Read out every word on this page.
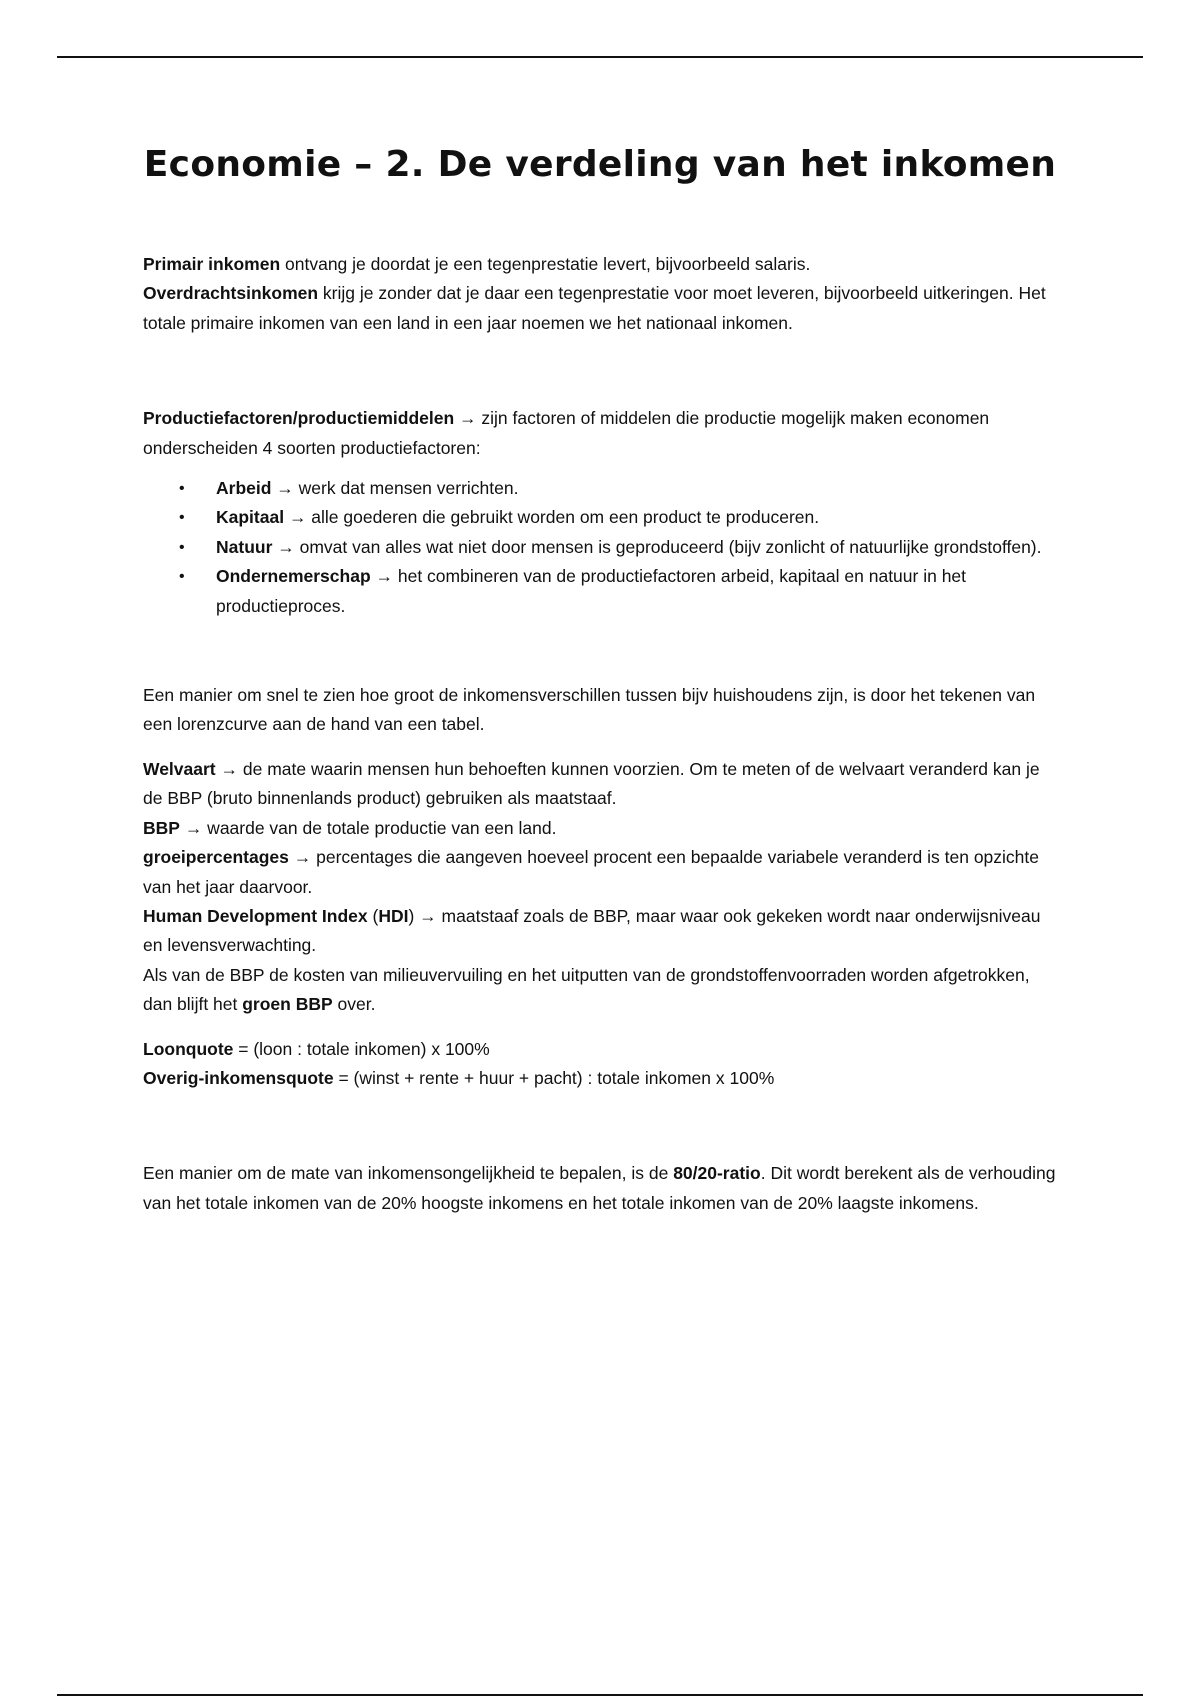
Economie – 2. De verdeling van het inkomen

Primair inkomen ontvang je doordat je een tegenprestatie levert, bijvoorbeeld salaris.
Overdrachtsinkomen krijg je zonder dat je daar een tegenprestatie voor moet leveren, bijvoorbeeld uitkeringen. Het totale primaire inkomen van een land in een jaar noemen we het nationaal inkomen.

Productiefactoren/productiemiddelen → zijn factoren of middelen die productie mogelijk maken economen onderscheiden 4 soorten productiefactoren:

• Arbeid → werk dat mensen verrichten.
• Kapitaal → alle goederen die gebruikt worden om een product te produceren.
• Natuur → omvat van alles wat niet door mensen is geproduceerd (bijv zonlicht of natuurlijke grondstoffen).
• Ondernemerschap → het combineren van de productiefactoren arbeid, kapitaal en natuur in het productieproces.

Een manier om snel te zien hoe groot de inkomensverschillen tussen bijv huishoudens zijn, is door het tekenen van een lorenzcurve aan de hand van een tabel.

Welvaart → de mate waarin mensen hun behoeften kunnen voorzien. Om te meten of de welvaart veranderd kan je de BBP (bruto binnenlands product) gebruiken als maatstaaf.
BBP → waarde van de totale productie van een land.
groeipercentages → percentages die aangeven hoeveel procent een bepaalde variabele veranderd is ten opzichte van het jaar daarvoor.
Human Development Index (HDI) → maatstaaf zoals de BBP, maar waar ook gekeken wordt naar onderwijsniveau en levensverwachting.
Als van de BBP de kosten van milieuvervuiling en het uitputten van de grondstoffenvoorraden worden afgetrokken, dan blijft het groen BBP over.

Loonquote = (loon : totale inkomen) x 100%
Overig-inkomensquote = (winst + rente + huur + pacht) : totale inkomen x 100%

Een manier om de mate van inkomensongelijkheid te bepalen, is de 80/20-ratio. Dit wordt berekent als de verhouding van het totale inkomen van de 20% hoogste inkomens en het totale inkomen van de 20% laagste inkomens.
